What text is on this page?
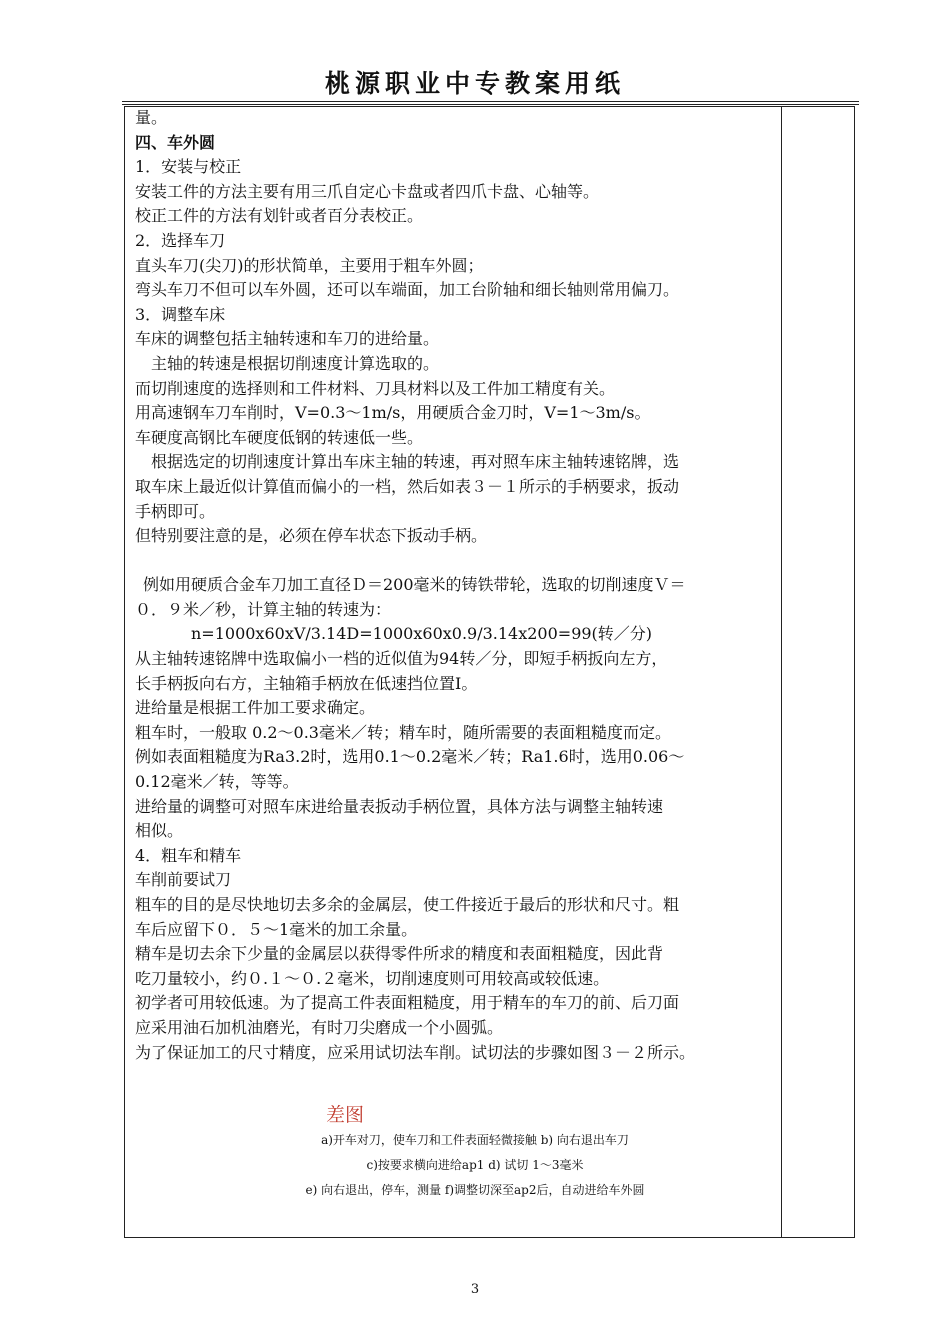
桃源职业中专教案用纸
量。
四、车外圆
1．安装与校正
安装工件的方法主要有用三爪自定心卡盘或者四爪卡盘、心轴等。
校正工件的方法有划针或者百分表校正。
2．选择车刀
直头车刀(尖刀)的形状简单，主要用于粗车外圆；
弯头车刀不但可以车外圆，还可以车端面，加工台阶轴和细长轴则常用偏刀。
3．调整车床
车床的调整包括主轴转速和车刀的进给量。
主轴的转速是根据切削速度计算选取的。
而切削速度的选择则和工件材料、刀具材料以及工件加工精度有关。
用高速钢车刀车削时，V=0.3～1m/s，用硬质合金刀时，V=1～3m/s。
车硬度高钢比车硬度低钢的转速低一些。
根据选定的切削速度计算出车床主轴的转速，再对照车床主轴转速铭牌，选
取车床上最近似计算值而偏小的一档，然后如表３－１所示的手柄要求，扳动
手柄即可。
但特别要注意的是，必须在停车状态下扳动手柄。
例如用硬质合金车刀加工直径Ｄ＝200毫米的铸铁带轮，选取的切削速度Ｖ＝
０．９米／秒，计算主轴的转速为：
n=1000x60xV/3.14D=1000x60x0.9/3.14x200=99(转／分)
从主轴转速铭牌中选取偏小一档的近似值为94转／分，即短手柄扳向左方，
长手柄扳向右方，主轴箱手柄放在低速挡位置Ⅰ。
进给量是根据工件加工要求确定。
粗车时，一般取 0.2～0.3毫米／转；精车时，随所需要的表面粗糙度而定。
例如表面粗糙度为Ra3.2时，选用0.1～0.2毫米／转；Ra1.6时，选用0.06～
0.12毫米／转，等等。
进给量的调整可对照车床进给量表扳动手柄位置，具体方法与调整主轴转速
相似。
4．粗车和精车
车削前要试刀
粗车的目的是尽快地切去多余的金属层，使工件接近于最后的形状和尺寸。粗
车后应留下０．５～1毫米的加工余量。
精车是切去余下少量的金属层以获得零件所求的精度和表面粗糙度，因此背
吃刀量较小，约０.１～０.２毫米，切削速度则可用较高或较低速。
初学者可用较低速。为了提高工件表面粗糙度，用于精车的车刀的前、后刀面
应采用油石加机油磨光，有时刀尖磨成一个小圆弧。
为了保证加工的尺寸精度，应采用试切法车削。试切法的步骤如图３－２所示。
差图
a)开车对刀，使车刀和工件表面轻微接触 b) 向右退出车刀
c)按要求横向进给ap1 d) 试切 1～3毫米
e) 向右退出，停车，测量 f)调整切深至ap2后，自动进给车外圆
3
